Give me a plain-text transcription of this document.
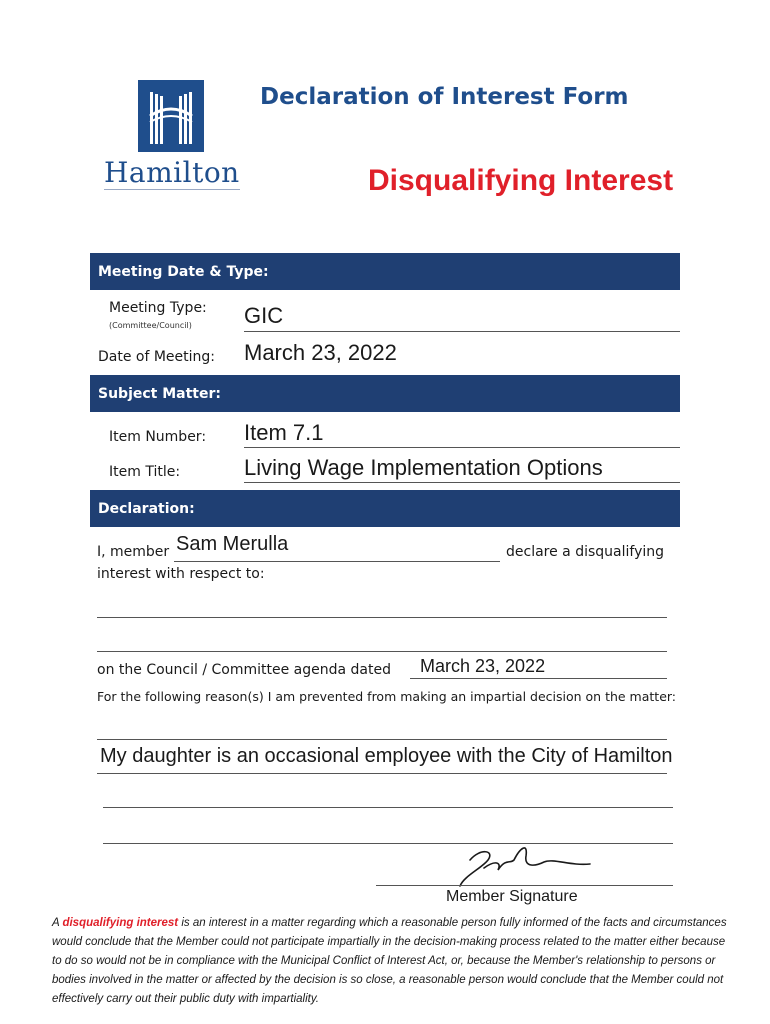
Hamilton
Declaration of Interest Form
Disqualifying Interest
Meeting Date & Type:
Meeting Type:
(Committee/Council) GIC
Date of Meeting: March 23, 2022
Subject Matter:
Item Number: Item 7.1
Item Title:	Living Wage Implementation Options
Declaration:
I, member Sam Merulla	declare a disqualifying
interest with respect to:
on the Council / Committee agenda dated March 23, 2022
For the following reason(s) I am prevented from making an impartial decision on the matter:
My daughter is an occasional employee with the City of Hamilton
Member Signature
A disqualifying interest is an interest in a matter regarding which a reasonable person fully informed of the facts and circumstances would conclude that the Member could not participate impartially in the decision-making process related to the matter either because to do so would not be in compliance with the Municipal Conflict of Interest Act, or, because the Member's relationship to persons or bodies involved in the matter or affected by the decision is so close, a reasonable person would conclude that the Member could not effectively carry out their public duty with impartiality.
